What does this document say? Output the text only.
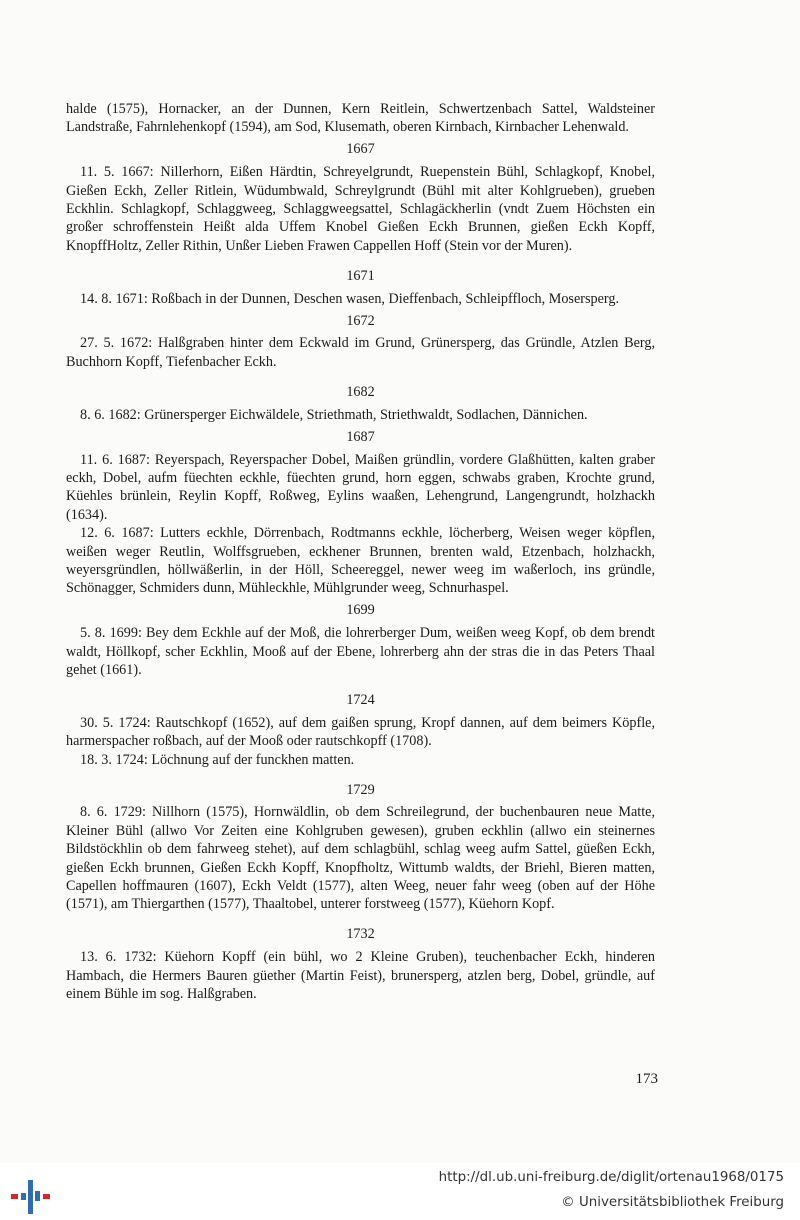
halde (1575), Hornacker, an der Dunnen, Kern Reitlein, Schwertzenbach Sattel, Waldsteiner Landstraße, Fahrnlehenkopf (1594), am Sod, Klusemath, oberen Kirnbach, Kirnbacher Lehenwald.

1667

11. 5. 1667: Nillerhorn, Eißen Härdtin, Schreyelgrundt, Ruepenstein Bühl, Schlagkopf, Knobel, Gießen Eckh, Zeller Ritlein, Wüdumbwald, Schreylgrundt (Bühl mit alter Kohlgrueben), grueben Eckhlin. Schlagkopf, Schlaggweeg, Schlaggweegsattel, Schlagäckherlin (vndt Zuem Höchsten ein großer schroffenstein Heißt alda Uffem Knobel Gießen Eckh Brunnen, gießen Eckh Kopff, KnopffHoltz, Zeller Rithin, Unßer Lieben Frawen Cappellen Hoff (Stein vor der Muren).

1671

14. 8. 1671: Roßbach in der Dunnen, Deschen wasen, Dieffenbach, Schleipffloch, Mosersperg.

1672

27. 5. 1672: Halßgraben hinter dem Eckwald im Grund, Grünersperg, das Gründle, Atzlen Berg, Buchhorn Kopff, Tiefenbacher Eckh.

1682

8. 6. 1682: Grünersperger Eichwäldele, Striethmath, Striethwaldt, Sodlachen, Dännichen.

1687

11. 6. 1687: Reyerspach, Reyerspacher Dobel, Maißen gründlin, vordere Glaßhütten, kalten graber eckh, Dobel, aufm füechten eckhle, füechten grund, horn eggen, schwabs graben, Krochte grund, Küehles brünlein, Reylin Kopff, Roßweg, Eylins waaßen, Lehengrund, Langengrundt, holzhackh (1634).

12. 6. 1687: Lutters eckhle, Dörrenbach, Rodtmanns eckhle, löcherberg, Weisen weger köpflen, weißen weger Reutlin, Wolffsgrueben, eckhener Brunnen, brenten wald, Etzenbach, holzhackh, weyersgründlen, höllwäßerlin, in der Höll, Scheereggel, newer weeg im waßerloch, ins gründle, Schönagger, Schmiders dunn, Mühleckhle, Mühlgrunder weeg, Schnurhaspel.

1699

5. 8. 1699: Bey dem Eckhle auf der Moß, die lohrerberger Dum, weißen weeg Kopf, ob dem brendt waldt, Höllkopf, scher Eckhlin, Mooß auf der Ebene, lohrerberg ahn der stras die in das Peters Thaal gehet (1661).

1724

30. 5. 1724: Rautschkopf (1652), auf dem gaißen sprung, Kropf dannen, auf dem beimers Köpfle, harmerspacher roßbach, auf der Mooß oder rautschkopff (1708).

18. 3. 1724: Löchnung auf der funckhen matten.

1729

8. 6. 1729: Nillhorn (1575), Hornwäldlin, ob dem Schreilegrund, der buchenbauren neue Matte, Kleiner Bühl (allwo Vor Zeiten eine Kohlgruben gewesen), gruben eckhlin (allwo ein steinernes Bildstöckhlin ob dem fahrweeg stehet), auf dem schlagbühl, schlag weeg aufm Sattel, güeßen Eckh, gießen Eckh brunnen, Gießen Eckh Kopff, Knopfholtz, Wittumb waldts, der Briehl, Bieren matten, Capellen hoffmauren (1607), Eckh Veldt (1577), alten Weeg, neuer fahr weeg (oben auf der Höhe (1571), am Thiergarthen (1577), Thaaltobel, unterer forstweeg (1577), Küehorn Kopf.

1732

13. 6. 1732: Küehorn Kopff (ein bühl, wo 2 Kleine Gruben), teuchenbacher Eckh, hinderen Hambach, die Hermers Bauren güether (Martin Feist), brunersperg, atzlen berg, Dobel, gründle, auf einem Bühle im sog. Halßgraben.

173
http://dl.ub.uni-freiburg.de/diglit/ortenau1968/0175
© Universitätsbibliothek Freiburg
